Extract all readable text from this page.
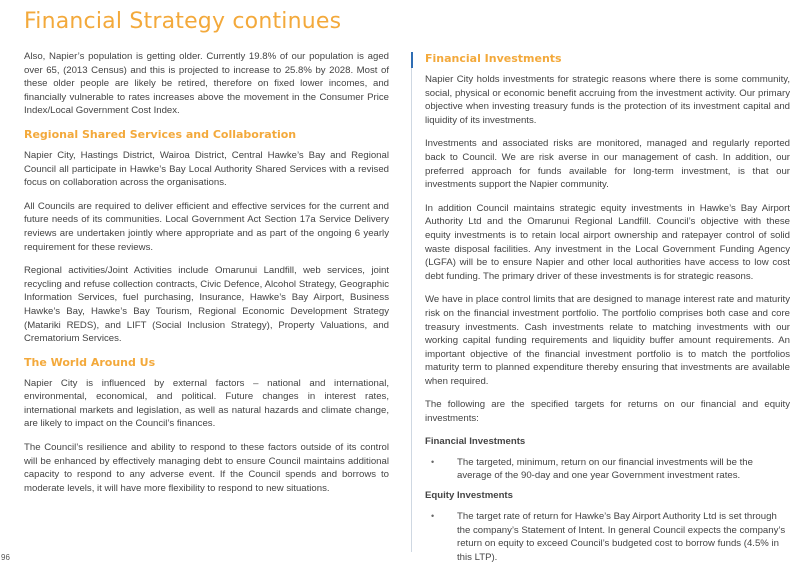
Financial Strategy continues

Also, Napier’s population is getting older. Currently 19.8% of our population is aged over 65, (2013 Census) and this is projected to increase to 25.8% by 2028. Most of these older people are likely be retired, therefore on fixed lower incomes, and financially vulnerable to rates increases above the movement in the Consumer Price Index/Local Government Cost Index.

Regional Shared Services and Collaboration

Napier City, Hastings District, Wairoa District, Central Hawke’s Bay and Regional Council all participate in Hawke’s Bay Local Authority Shared Services with a revised focus on collaboration across the organisations.

All Councils are required to deliver efficient and effective services for the current and future needs of its communities. Local Government Act Section 17a Service Delivery reviews are undertaken jointly where appropriate and as part of the ongoing 6 yearly requirement for these reviews.

Regional activities/Joint Activities include Omarunui Landfill, web services, joint recycling and refuse collection contracts, Civic Defence, Alcohol Strategy, Geographic Information Services, fuel purchasing, Insurance, Hawke’s Bay Airport, Business Hawke’s Bay, Hawke’s Bay Tourism, Regional Economic Development Strategy (Matariki REDS), and LIFT (Social Inclusion Strategy), Property Valuations, and Crematorium Services.

The World Around Us

Napier City is influenced by external factors – national and international, environmental, economical, and political. Future changes in interest rates, international markets and legislation, as well as natural hazards and climate change, are likely to impact on the Council’s finances.

The Council’s resilience and ability to respond to these factors outside of its control will be enhanced by effectively managing debt to ensure Council maintains additional capacity to respond to any adverse event. If the Council spends and borrows to moderate levels, it will have more flexibility to respond to new situations.

Financial Investments

Napier City holds investments for strategic reasons where there is some community, social, physical or economic benefit accruing from the investment activity. Our primary objective when investing treasury funds is the protection of its investment capital and liquidity of its investments.

Investments and associated risks are monitored, managed and regularly reported back to Council. We are risk averse in our management of cash. In addition, our preferred approach for funds available for long-term investment, is that our investments support the Napier community.

In addition Council maintains strategic equity investments in Hawke’s Bay Airport Authority Ltd and the Omarunui Regional Landfill. Council’s objective with these equity investments is to retain local airport ownership and ratepayer control of solid waste disposal facilities. Any investment in the Local Government Funding Agency (LGFA) will be to ensure Napier and other local authorities have access to low cost debt funding. The primary driver of these investments is for strategic reasons.

We have in place control limits that are designed to manage interest rate and maturity risk on the financial investment portfolio. The portfolio comprises both case and core treasury investments. Cash investments relate to matching investments with our working capital funding requirements and liquidity buffer amount requirements. An important objective of the financial investment portfolio is to match the portfolios maturity term to planned expenditure thereby ensuring that investments are available when required.

The following are the specified targets for returns on our financial and equity investments:

Financial Investments
• The targeted, minimum, return on our financial investments will be the average of the 90-day and one year Government investment rates.
Equity Investments
• The target rate of return for Hawke’s Bay Airport Authority Ltd is set through the company’s Statement of Intent. In general Council expects the company’s return on equity to exceed Council’s budgeted cost to borrow funds (4.5% in this LTP).
96
